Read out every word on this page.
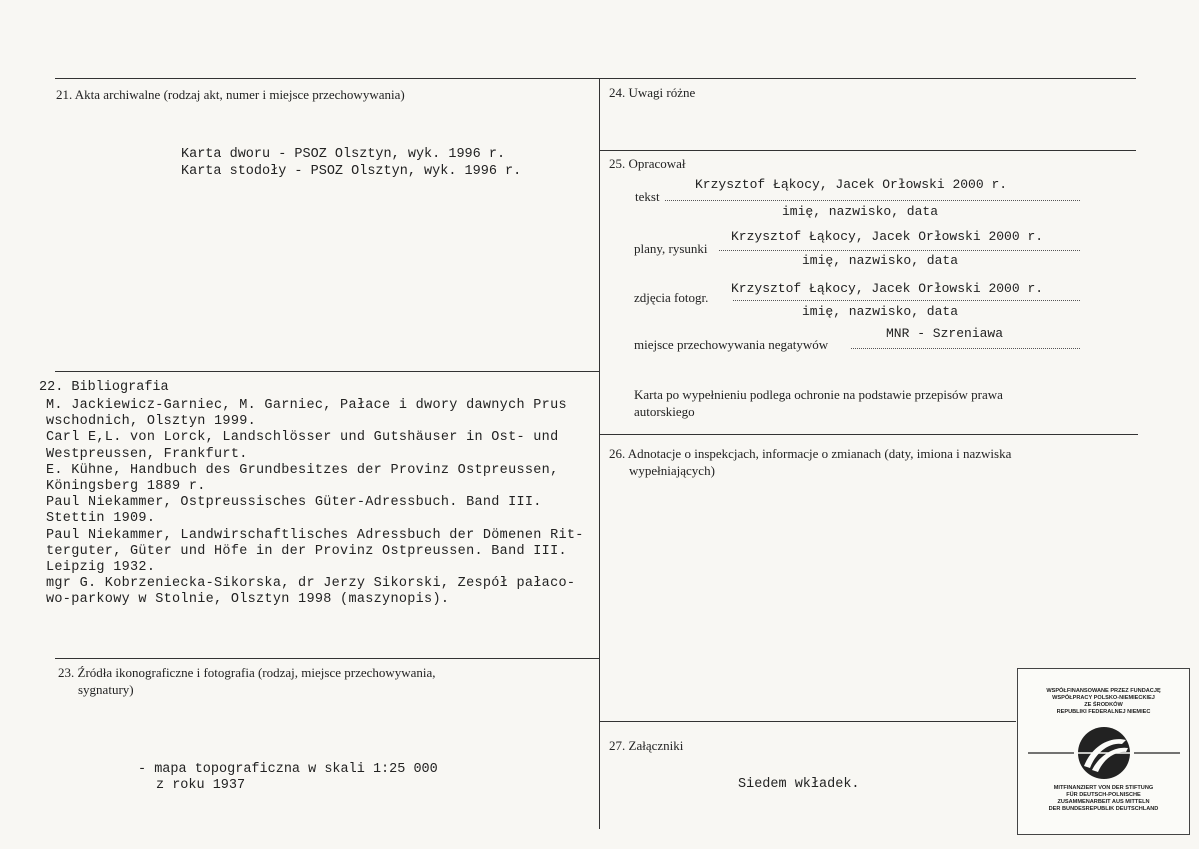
21. Akta archiwalne (rodzaj akt, numer i miejsce przechowywania)
Karta dworu - PSOZ Olsztyn, wyk. 1996 r.
Karta stodoły - PSOZ Olsztyn, wyk. 1996 r.
22. Bibliografia
M. Jackiewicz-Garniec, M. Garniec, Pałace i dwory dawnych Prus
wschodnich, Olsztyn 1999.
Carl E,L. von Lorck, Landschlösser und Gutshäuser in Ost- und
Westpreussen, Frankfurt.
E. Kühne, Handbuch des Grundbesitzes der Provinz Ostpreussen,
Köningsberg 1889 r.
Paul Niekammer, Ostpreussisches Güter-Adressbuch. Band III.
Stettin 1909.
Paul Niekammer, Landwirschaftlisches Adressbuch der Dömenen Rit-
terguter, Güter und Höfe in der Provinz Ostpreussen. Band III.
Leipzig 1932.
mgr G. Kobrzeniecka-Sikorska, dr Jerzy Sikorski, Zespół pałaco-
wo-parkowy w Stolnie, Olsztyn 1998 (maszynopis).
23. Źródła ikonograficzne i fotografia (rodzaj, miejsce przechowywania,
sygnatury)
- mapa topograficzna w skali 1:25 000
z roku 1937
24. Uwagi różne
25. Opracował
Krzysztof Łąkocy, Jacek Orłowski 2000 r.
tekst
imię, nazwisko, data
Krzysztof Łąkocy, Jacek Orłowski 2000 r.
plany, rysunki
imię, nazwisko, data
Krzysztof Łąkocy, Jacek Orłowski 2000 r.
zdjęcia fotogr.
imię, nazwisko, data
MNR - Szreniawa
miejsce przechowywania negatywów
Karta po wypełnieniu podlega ochronie na podstawie przepisów prawa
autorskiego
26. Adnotacje o inspekcjach, informacje o zmianach (daty, imiona i nazwiska
wypełniających)
27. Załączniki
Siedem wkładek.
WSPÓŁFINANSOWANE PRZEZ FUNDACJĘ
WSPÓŁPRACY POLSKO-NIEMIECKIEJ
ZE ŚRODKÓW
REPUBLIKI FEDERALNEJ NIEMIEC
MITFINANZIERT VON DER STIFTUNG
FÜR DEUTSCH-POLNISCHE
ZUSAMMENARBEIT AUS MITTELN
DER BUNDESREPUBLIK DEUTSCHLAND
